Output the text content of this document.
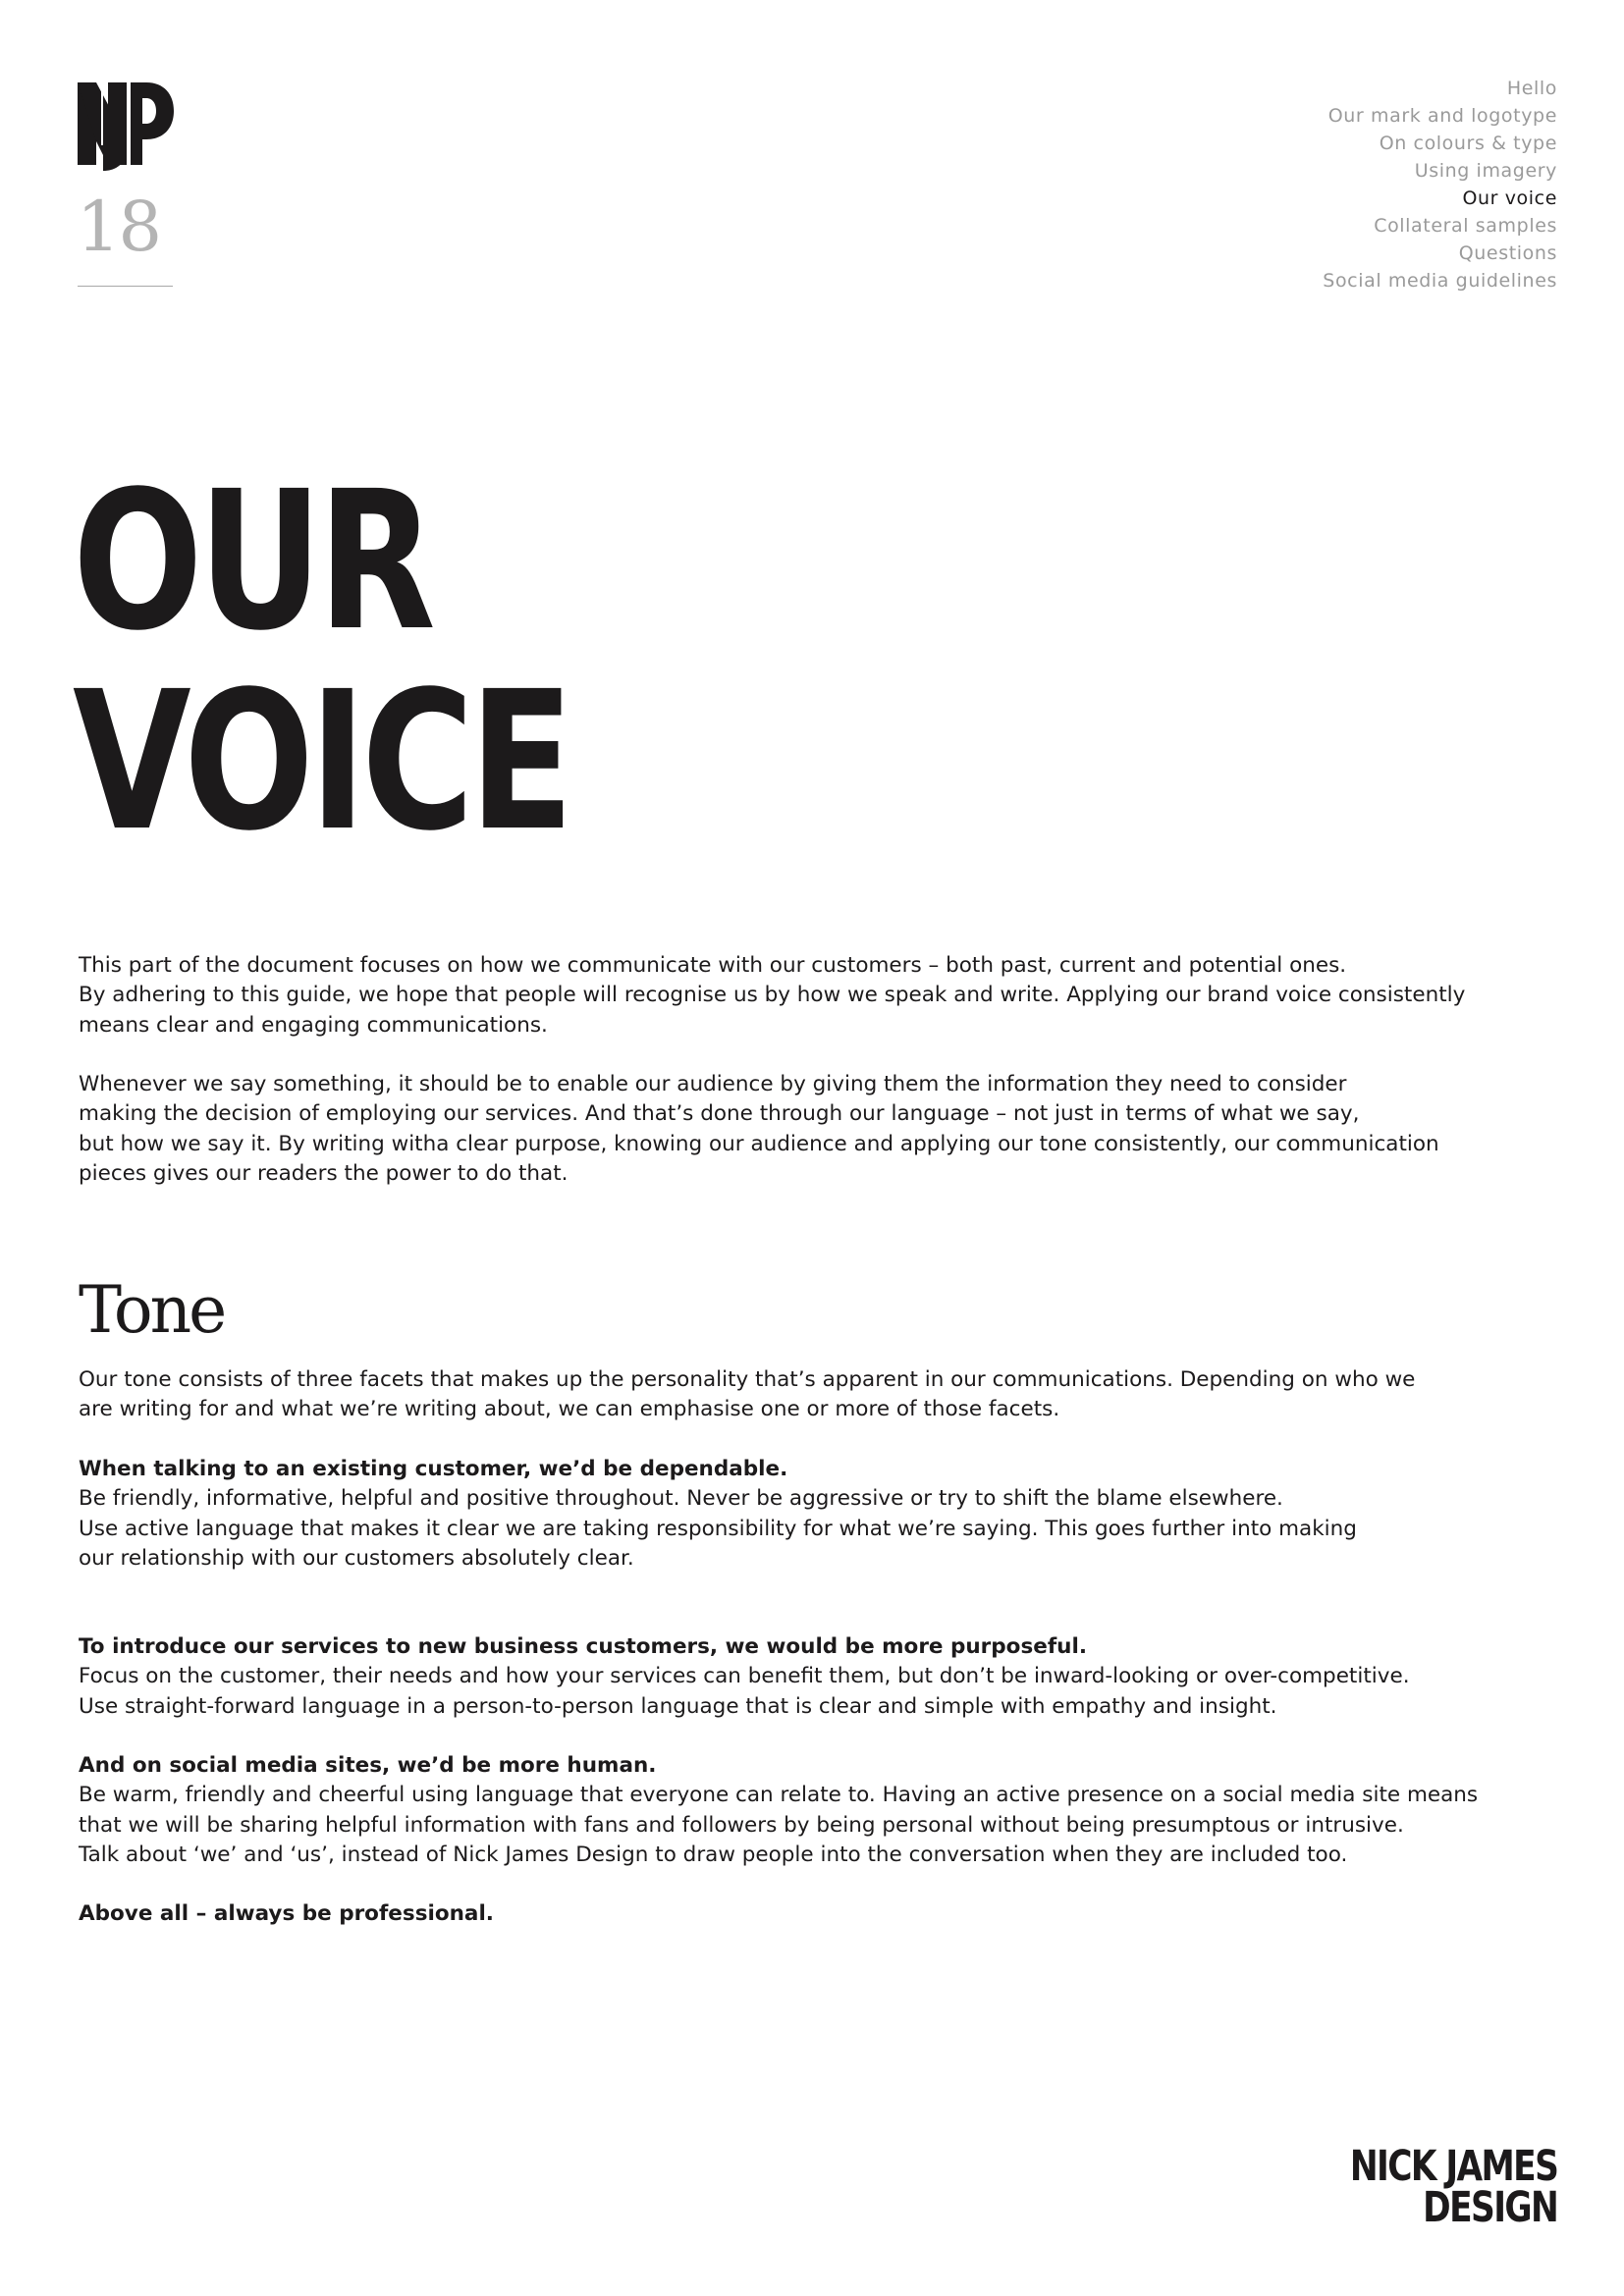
18
Hello
Our mark and logotype
On colours & type
Using imagery
Our voice
Collateral samples
Questions
Social media guidelines
OUR
VOICE

This part of the document focuses on how we communicate with our customers – both past, current and potential ones.
By adhering to this guide, we hope that people will recognise us by how we speak and write. Applying our brand voice consistently
means clear and engaging communications.

Whenever we say something, it should be to enable our audience by giving them the information they need to consider
making the decision of employing our services. And that’s done through our language – not just in terms of what we say,
but how we say it. By writing witha clear purpose, knowing our audience and applying our tone consistently, our communication
pieces gives our readers the power to do that.

Tone

Our tone consists of three facets that makes up the personality that’s apparent in our communications. Depending on who we
are writing for and what we’re writing about, we can emphasise one or more of those facets.

When talking to an existing customer, we’d be dependable.
Be friendly, informative, helpful and positive throughout. Never be aggressive or try to shift the blame elsewhere.
Use active language that makes it clear we are taking responsibility for what we’re saying. This goes further into making
our relationship with our customers absolutely clear.

To introduce our services to new business customers, we would be more purposeful.
Focus on the customer, their needs and how your services can benefit them, but don’t be inward-looking or over-competitive.
Use straight-forward language in a person-to-person language that is clear and simple with empathy and insight.

And on social media sites, we’d be more human.
Be warm, friendly and cheerful using language that everyone can relate to. Having an active presence on a social media site means
that we will be sharing helpful information with fans and followers by being personal without being presumptous or intrusive.
Talk about ‘we’ and ‘us’, instead of Nick James Design to draw people into the conversation when they are included too.

Above all – always be professional.

NICK JAMES
DESIGN
